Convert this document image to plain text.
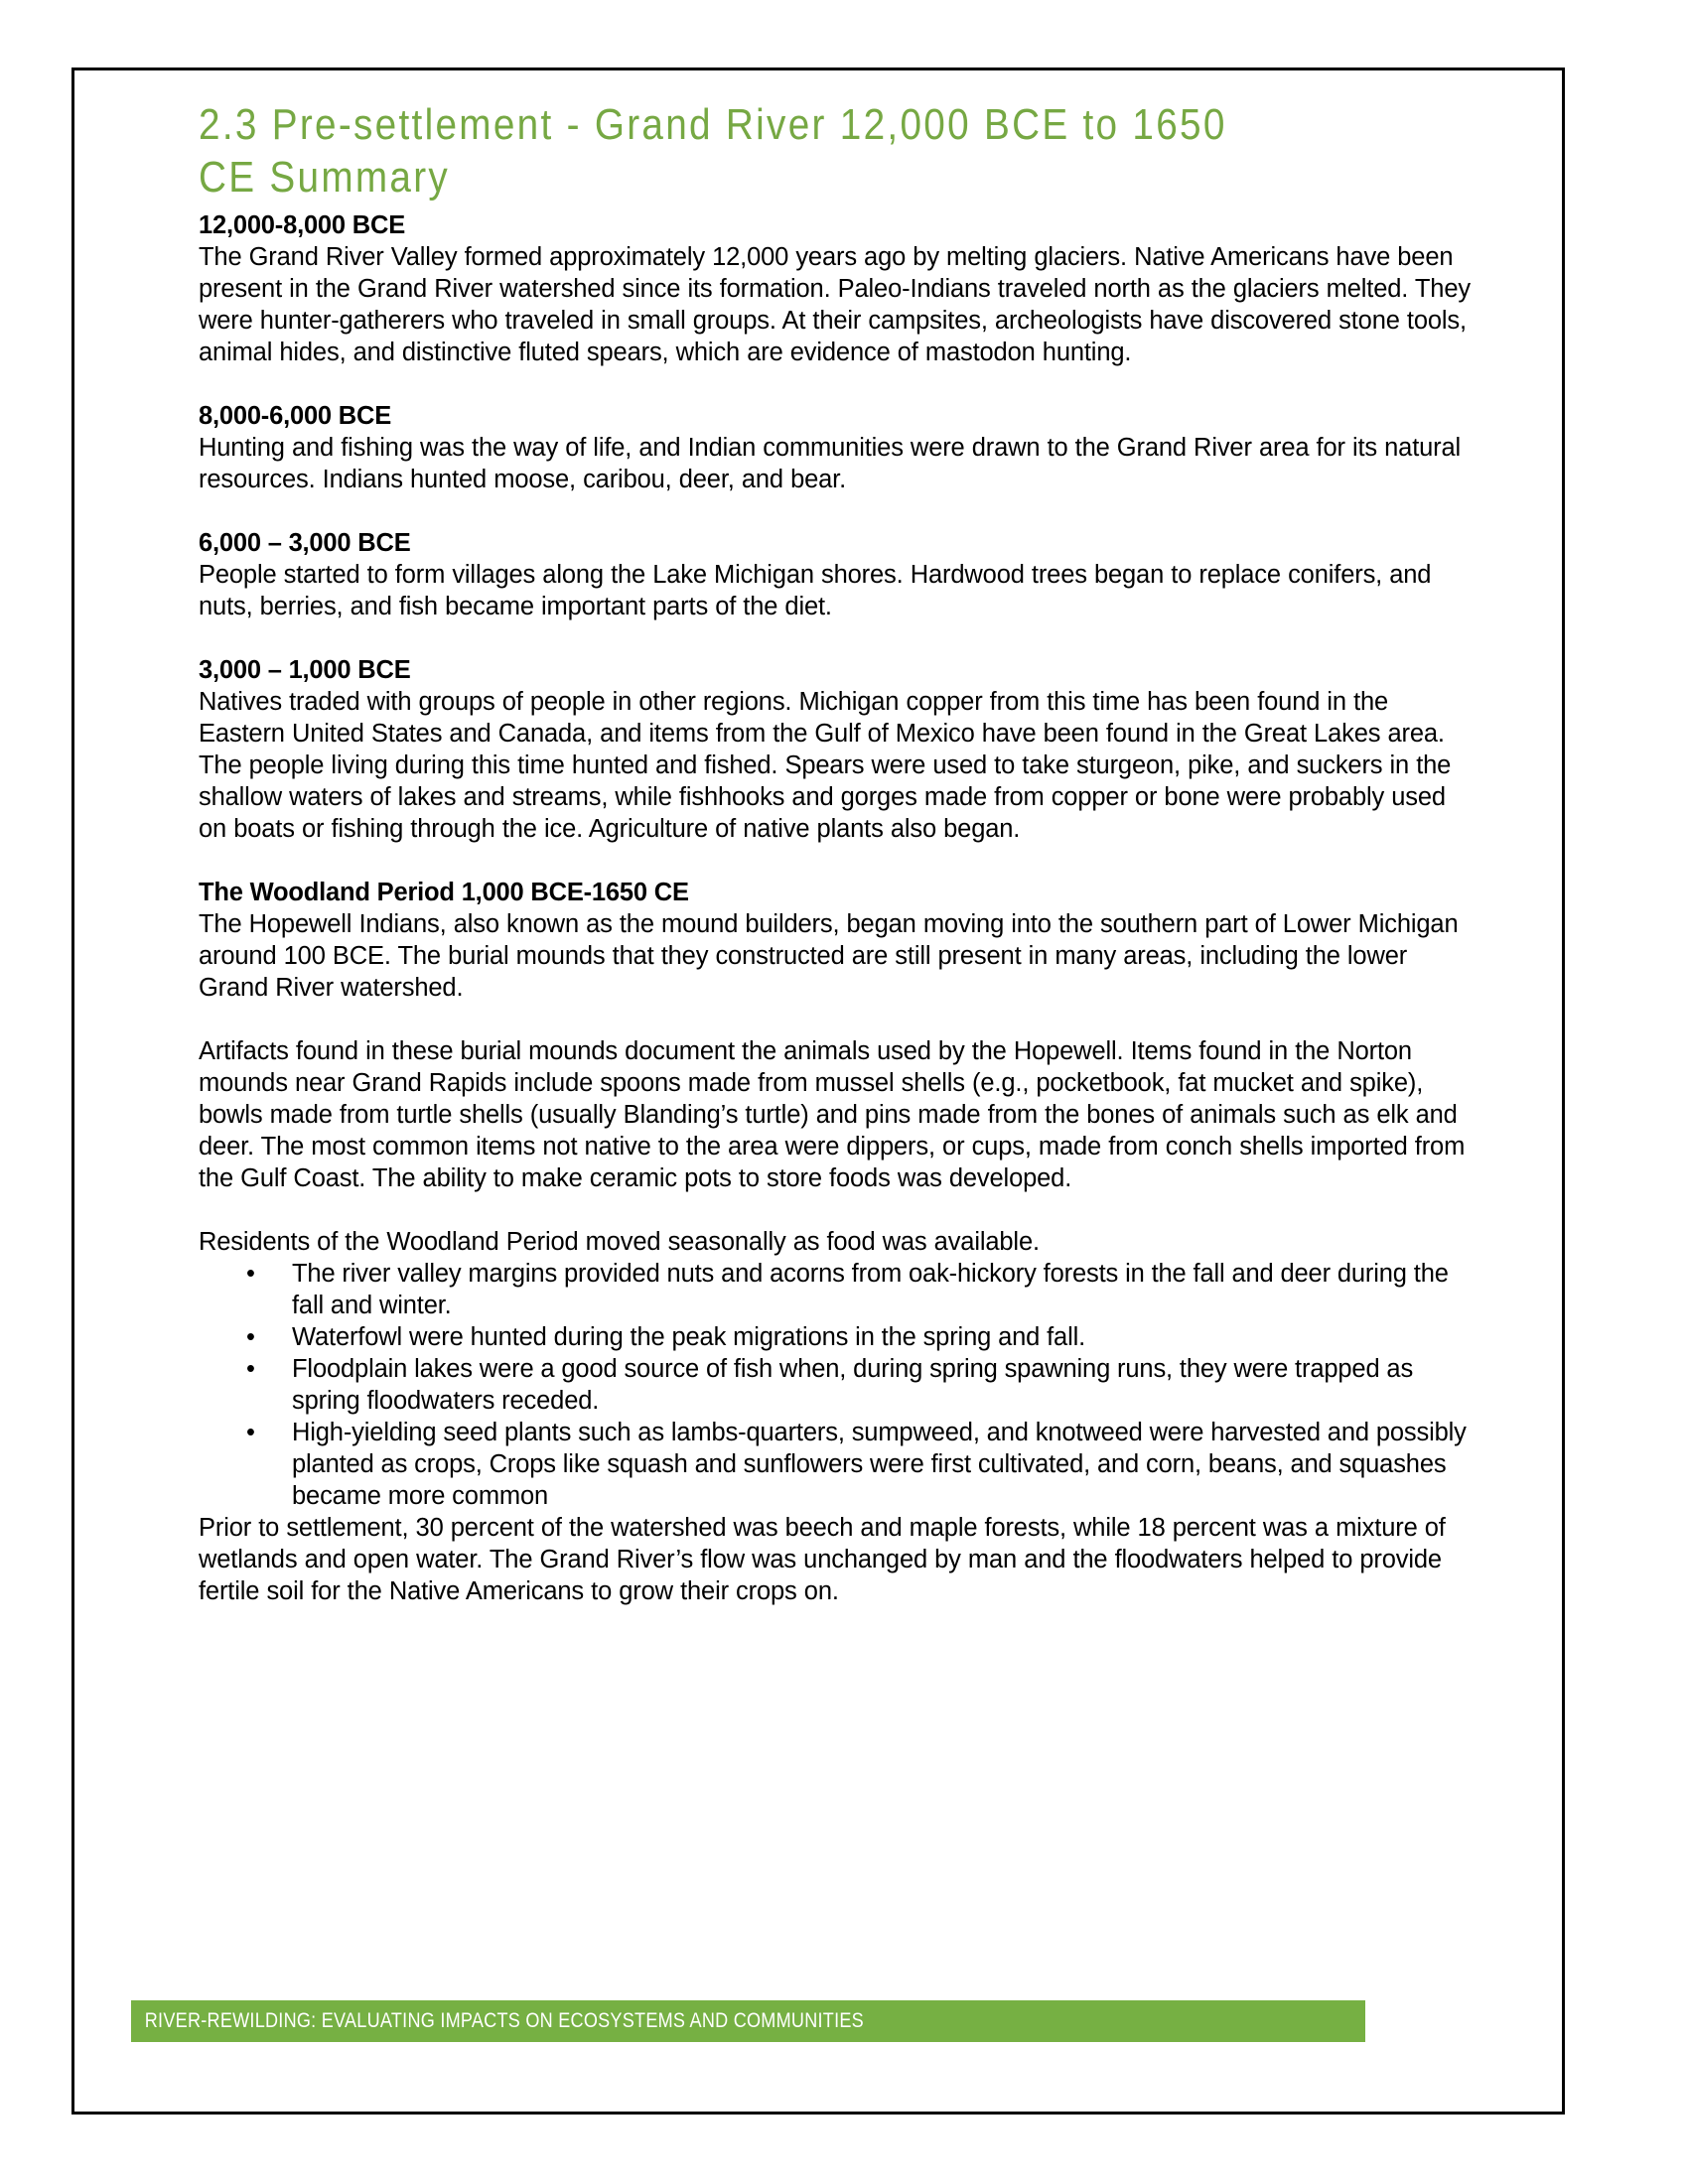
2.3 Pre-settlement - Grand River 12,000 BCE to 1650 CE Summary
12,000-8,000 BCE
The Grand River Valley formed approximately 12,000 years ago by melting glaciers. Native Americans have been present in the Grand River watershed since its formation. Paleo-Indians traveled north as the glaciers melted. They were hunter-gatherers who traveled in small groups. At their campsites, archeologists have discovered stone tools, animal hides, and distinctive fluted spears, which are evidence of mastodon hunting.
8,000-6,000 BCE
Hunting and fishing was the way of life, and Indian communities were drawn to the Grand River area for its natural resources. Indians hunted moose, caribou, deer, and bear.
6,000 – 3,000 BCE
People started to form villages along the Lake Michigan shores. Hardwood trees began to replace conifers, and nuts, berries, and fish became important parts of the diet.
3,000 – 1,000 BCE
Natives traded with groups of people in other regions. Michigan copper from this time has been found in the Eastern United States and Canada, and items from the Gulf of Mexico have been found in the Great Lakes area. The people living during this time hunted and fished. Spears were used to take sturgeon, pike, and suckers in the shallow waters of lakes and streams, while fishhooks and gorges made from copper or bone were probably used on boats or fishing through the ice. Agriculture of native plants also began.
The Woodland Period 1,000 BCE-1650 CE
The Hopewell Indians, also known as the mound builders, began moving into the southern part of Lower Michigan around 100 BCE. The burial mounds that they constructed are still present in many areas, including the lower Grand River watershed.
Artifacts found in these burial mounds document the animals used by the Hopewell. Items found in the Norton mounds near Grand Rapids include spoons made from mussel shells (e.g., pocketbook, fat mucket and spike), bowls made from turtle shells (usually Blanding’s turtle) and pins made from the bones of animals such as elk and deer. The most common items not native to the area were dippers, or cups, made from conch shells imported from the Gulf Coast. The ability to make ceramic pots to store foods was developed.
Residents of the Woodland Period moved seasonally as food was available.
• The river valley margins provided nuts and acorns from oak-hickory forests in the fall and deer during the fall and winter.
• Waterfowl were hunted during the peak migrations in the spring and fall.
• Floodplain lakes were a good source of fish when, during spring spawning runs, they were trapped as spring floodwaters receded.
• High-yielding seed plants such as lambs-quarters, sumpweed, and knotweed were harvested and possibly planted as crops, Crops like squash and sunflowers were first cultivated, and corn, beans, and squashes became more common
Prior to settlement, 30 percent of the watershed was beech and maple forests, while 18 percent was a mixture of wetlands and open water. The Grand River’s flow was unchanged by man and the floodwaters helped to provide fertile soil for the Native Americans to grow their crops on.
RIVER-REWILDING: EVALUATING IMPACTS ON ECOSYSTEMS AND COMMUNITIES
